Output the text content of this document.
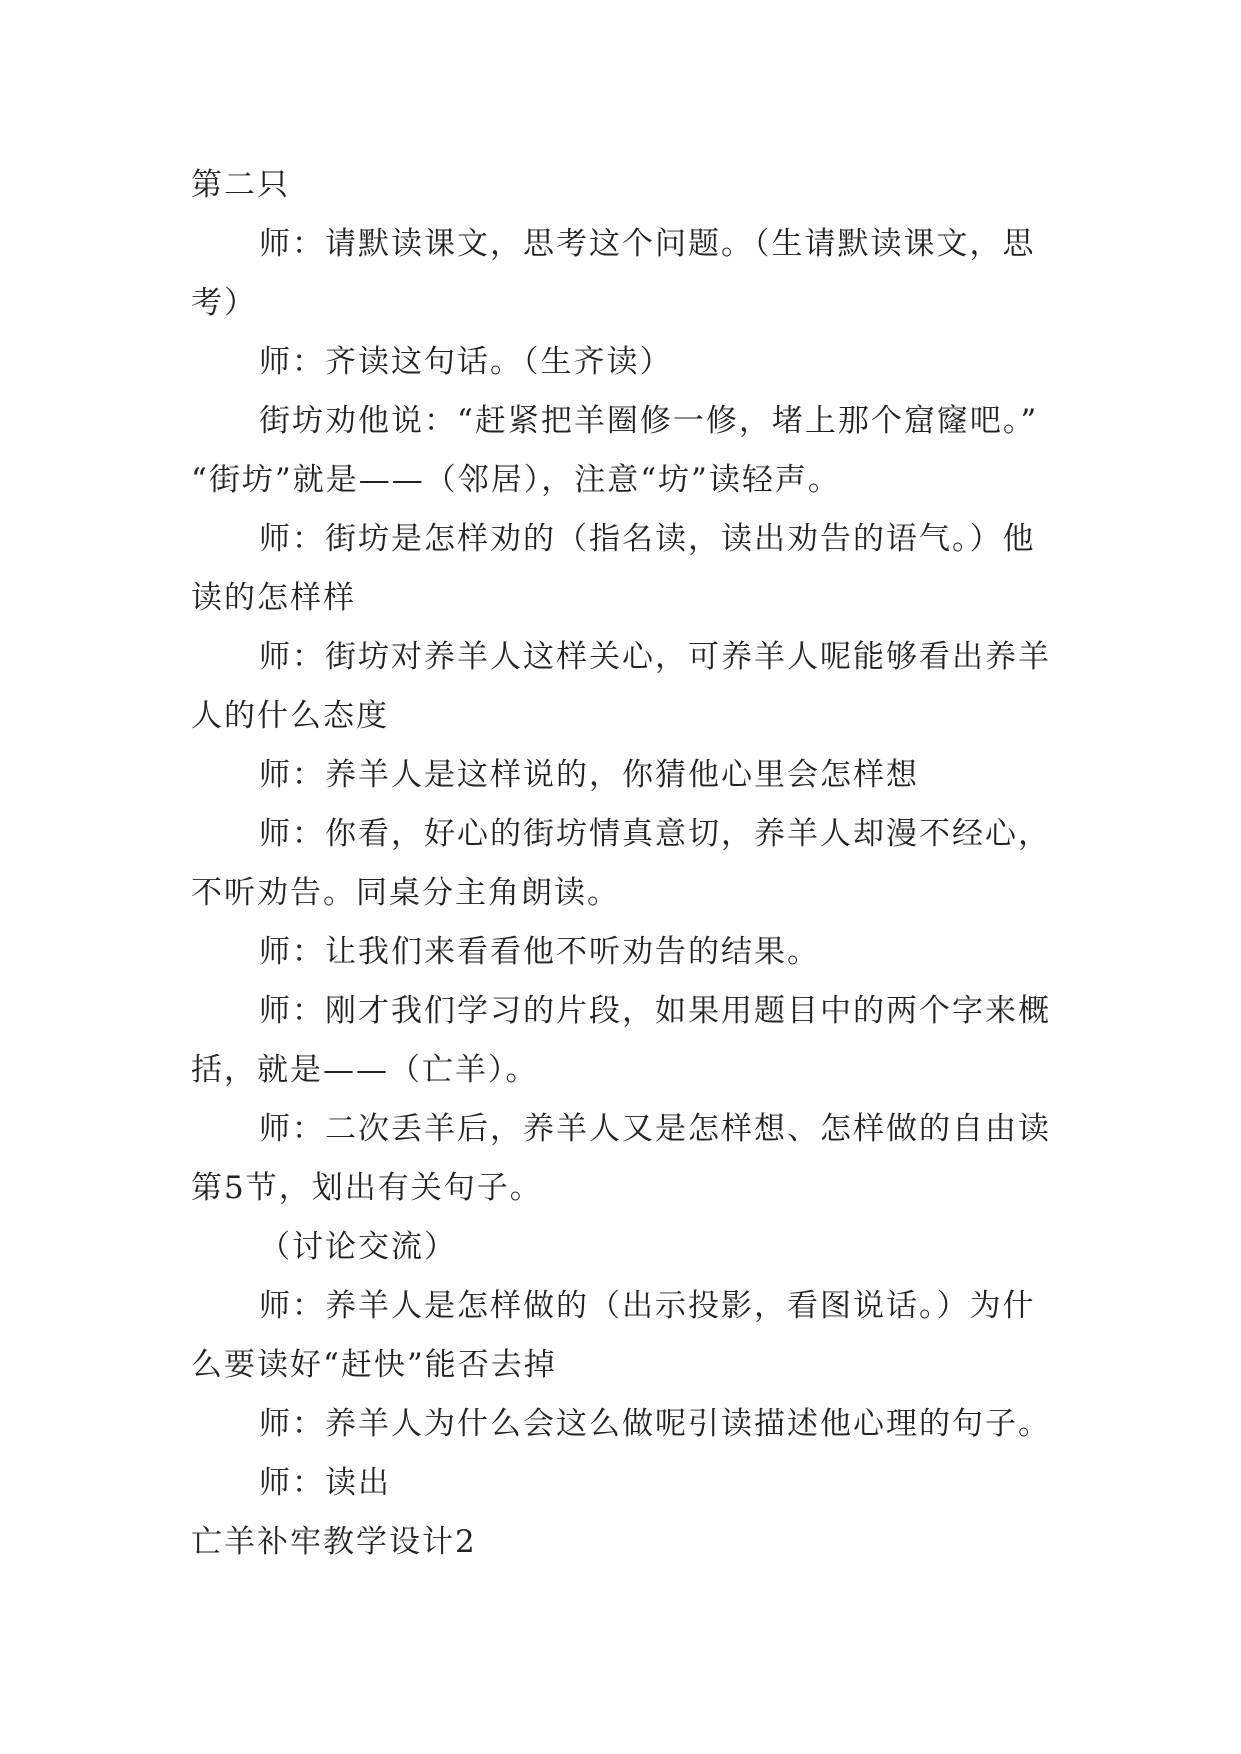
第二只
师：请默读课文，思考这个问题。（生请默读课文，思
考）
师：齐读这句话。（生齐读）
街坊劝他说：“赶紧把羊圈修一修，堵上那个窟窿吧。”
“街坊”就是——（邻居），注意“坊”读轻声。
师：街坊是怎样劝的（指名读，读出劝告的语气。）他
读的怎样样
师：街坊对养羊人这样关心，可养羊人呢能够看出养羊
人的什么态度
师：养羊人是这样说的，你猜他心里会怎样想
师：你看，好心的街坊情真意切，养羊人却漫不经心，
不听劝告。同桌分主角朗读。
师：让我们来看看他不听劝告的结果。
师：刚才我们学习的片段，如果用题目中的两个字来概
括，就是——（亡羊）。
师：二次丢羊后，养羊人又是怎样想、怎样做的自由读
第5节，划出有关句子。
（讨论交流）
师：养羊人是怎样做的（出示投影，看图说话。）为什
么要读好“赶快”能否去掉
师：养羊人为什么会这么做呢引读描述他心理的句子。
师：读出
亡羊补牢教学设计2
